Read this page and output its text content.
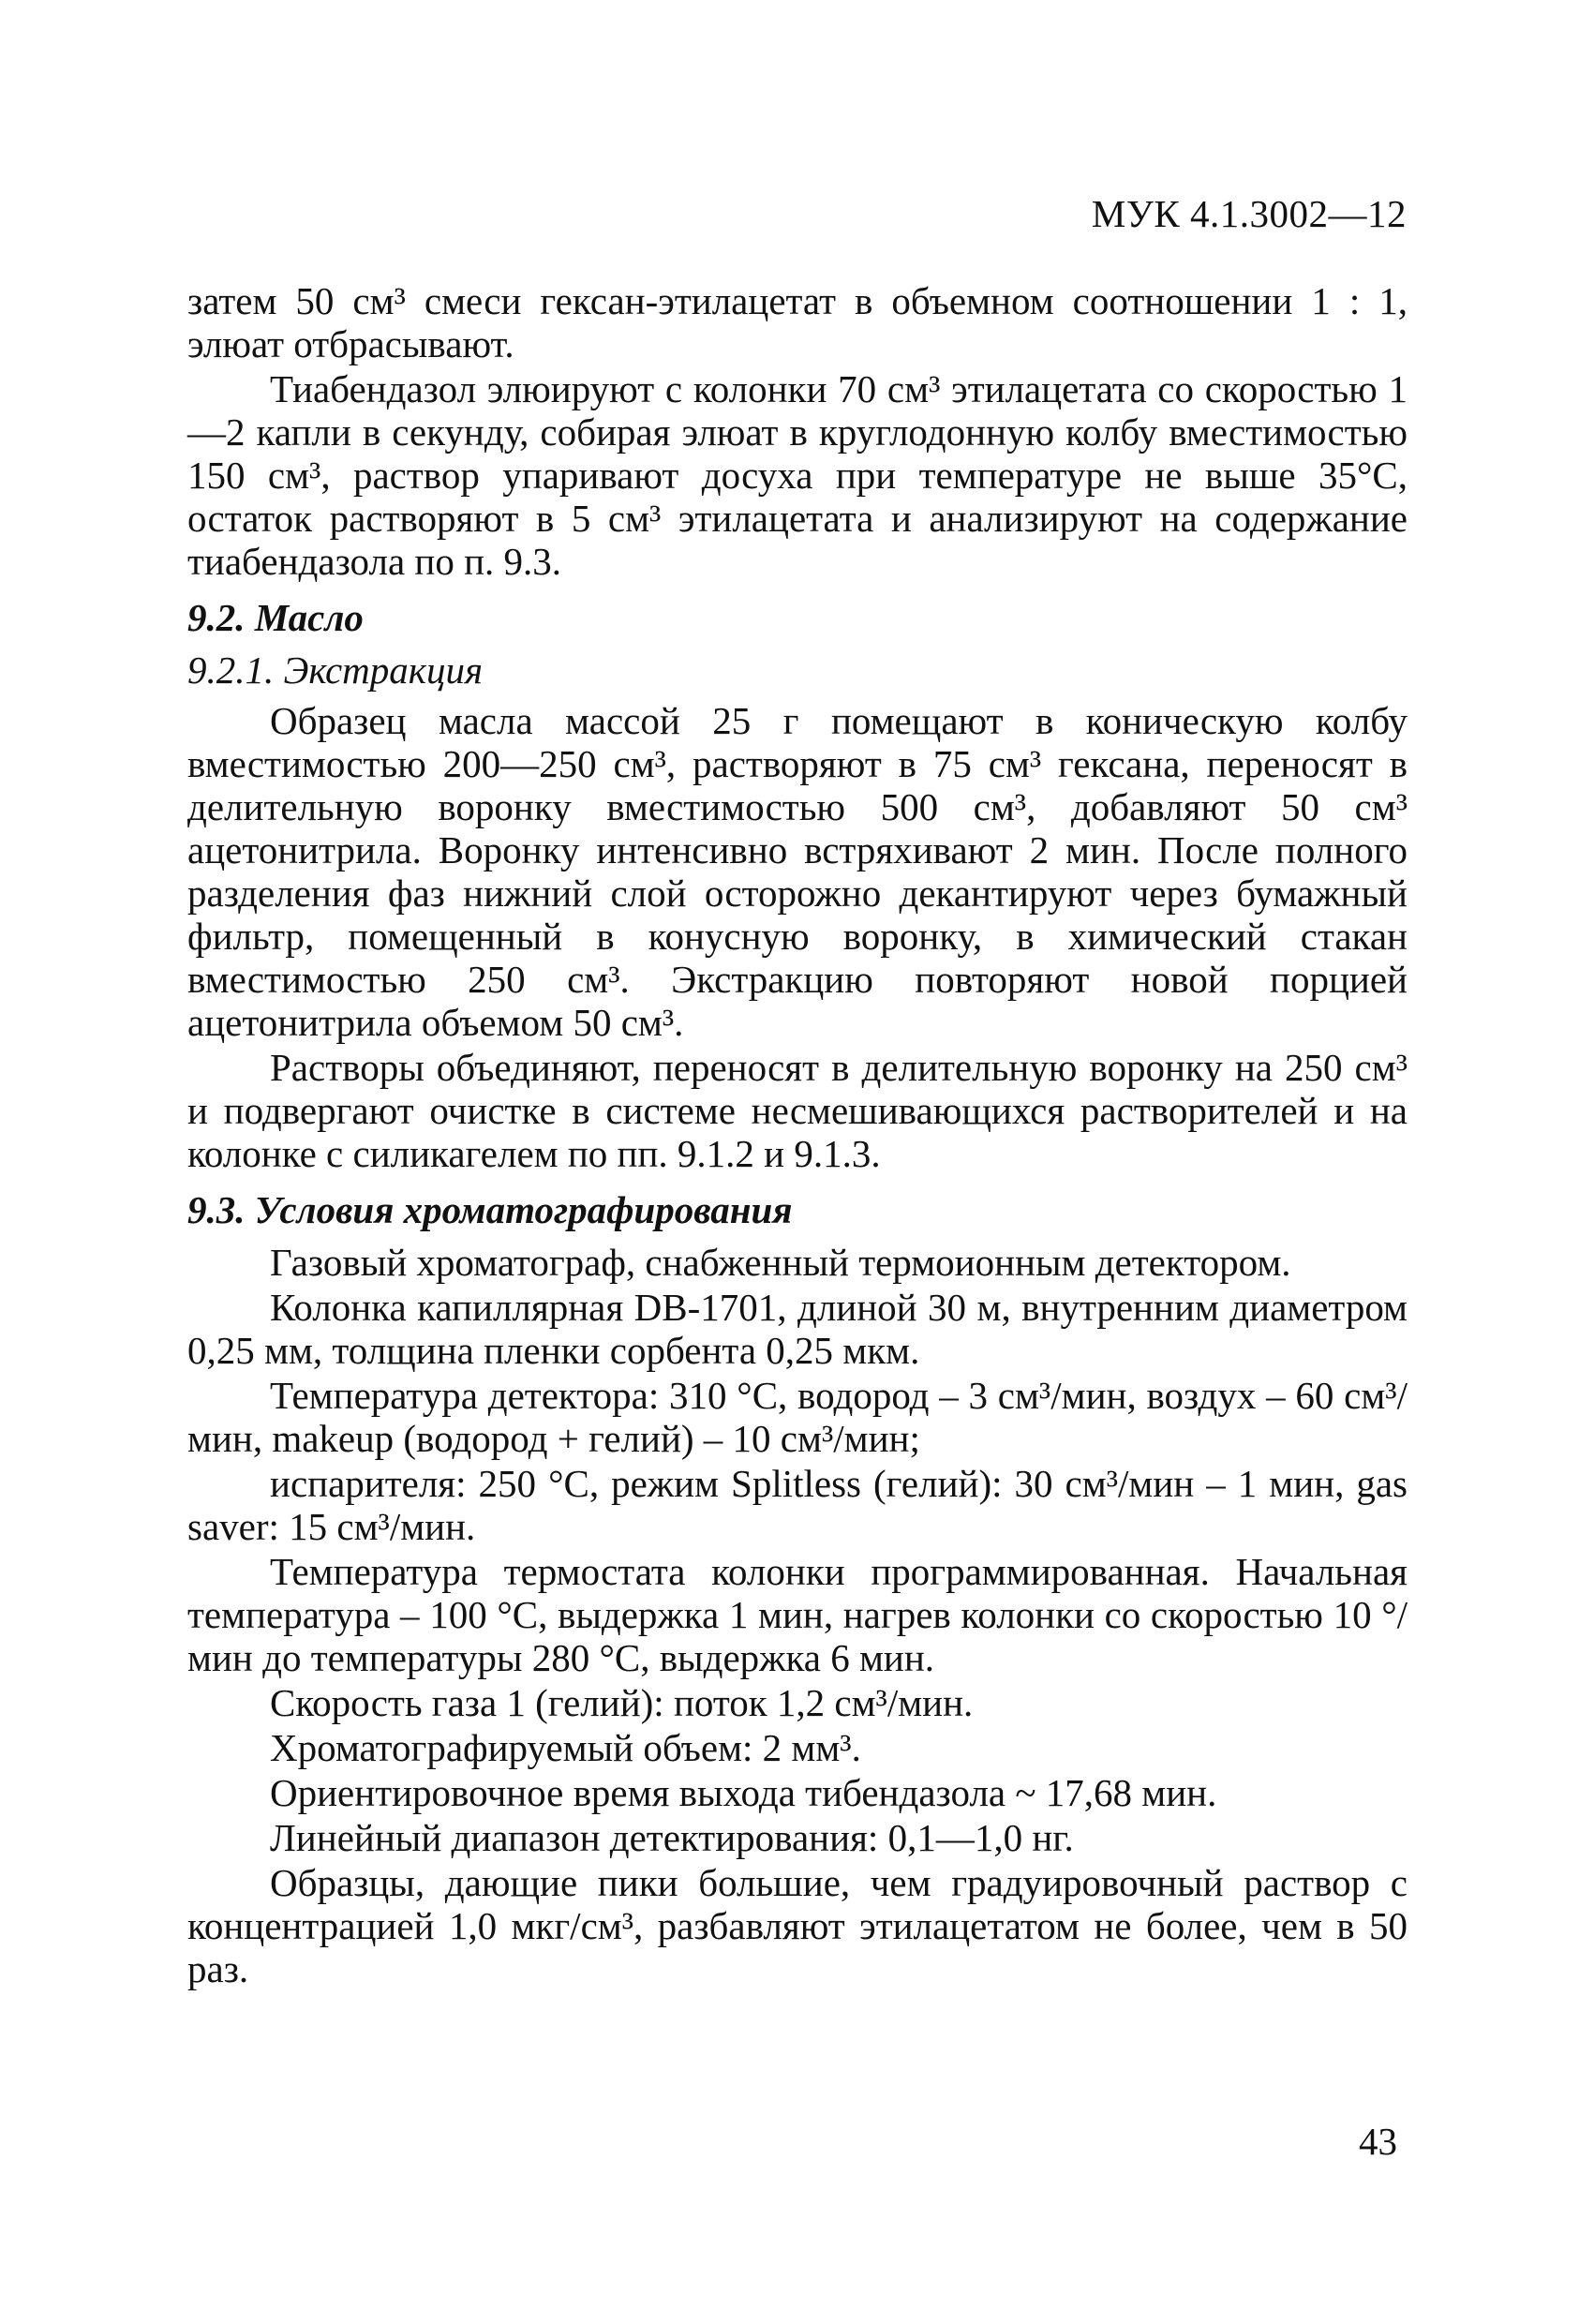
МУК 4.1.3002—12

затем 50 см³ смеси гексан-этилацетат в объемном соотношении 1 : 1, элюат отбрасывают.

Тиабендазол элюируют с колонки 70 см³ этилацетата со скоростью 1—2 капли в секунду, собирая элюат в круглодонную колбу вместимостью 150 см³, раствор упаривают досуха при температуре не выше 35°С, остаток растворяют в 5 см³ этилацетата и анализируют на содержание тиабендазола по п. 9.3.

9.2. Масло

9.2.1. Экстракция

Образец масла массой 25 г помещают в коническую колбу вместимостью 200—250 см³, растворяют в 75 см³ гексана, переносят в делительную воронку вместимостью 500 см³, добавляют 50 см³ ацетонитрила. Воронку интенсивно встряхивают 2 мин. После полного разделения фаз нижний слой осторожно декантируют через бумажный фильтр, помещенный в конусную воронку, в химический стакан вместимостью 250 см³. Экстракцию повторяют новой порцией ацетонитрила объемом 50 см³.

Растворы объединяют, переносят в делительную воронку на 250 см³ и подвергают очистке в системе несмешивающихся растворителей и на колонке с силикагелем по пп. 9.1.2 и 9.1.3.

9.3. Условия хроматографирования

Газовый хроматограф, снабженный термоионным детектором.

Колонка капиллярная DB-1701, длиной 30 м, внутренним диаметром 0,25 мм, толщина пленки сорбента 0,25 мкм.

Температура детектора: 310 °С, водород – 3 см³/мин, воздух – 60 см³/мин, makeup (водород + гелий) – 10 см³/мин;

испарителя: 250 °С, режим Splitless (гелий): 30 см³/мин – 1 мин, gas saver: 15 см³/мин.

Температура термостата колонки программированная. Начальная температура – 100 °С, выдержка 1 мин, нагрев колонки со скоростью 10 °/мин до температуры 280 °С, выдержка 6 мин.

Скорость газа 1 (гелий): поток 1,2 см³/мин.

Хроматографируемый объем: 2 мм³.

Ориентировочное время выхода тибендазола ~ 17,68 мин.

Линейный диапазон детектирования: 0,1—1,0 нг.

Образцы, дающие пики большие, чем градуировочный раствор с концентрацией 1,0 мкг/см³, разбавляют этилацетатом не более, чем в 50 раз.

43
